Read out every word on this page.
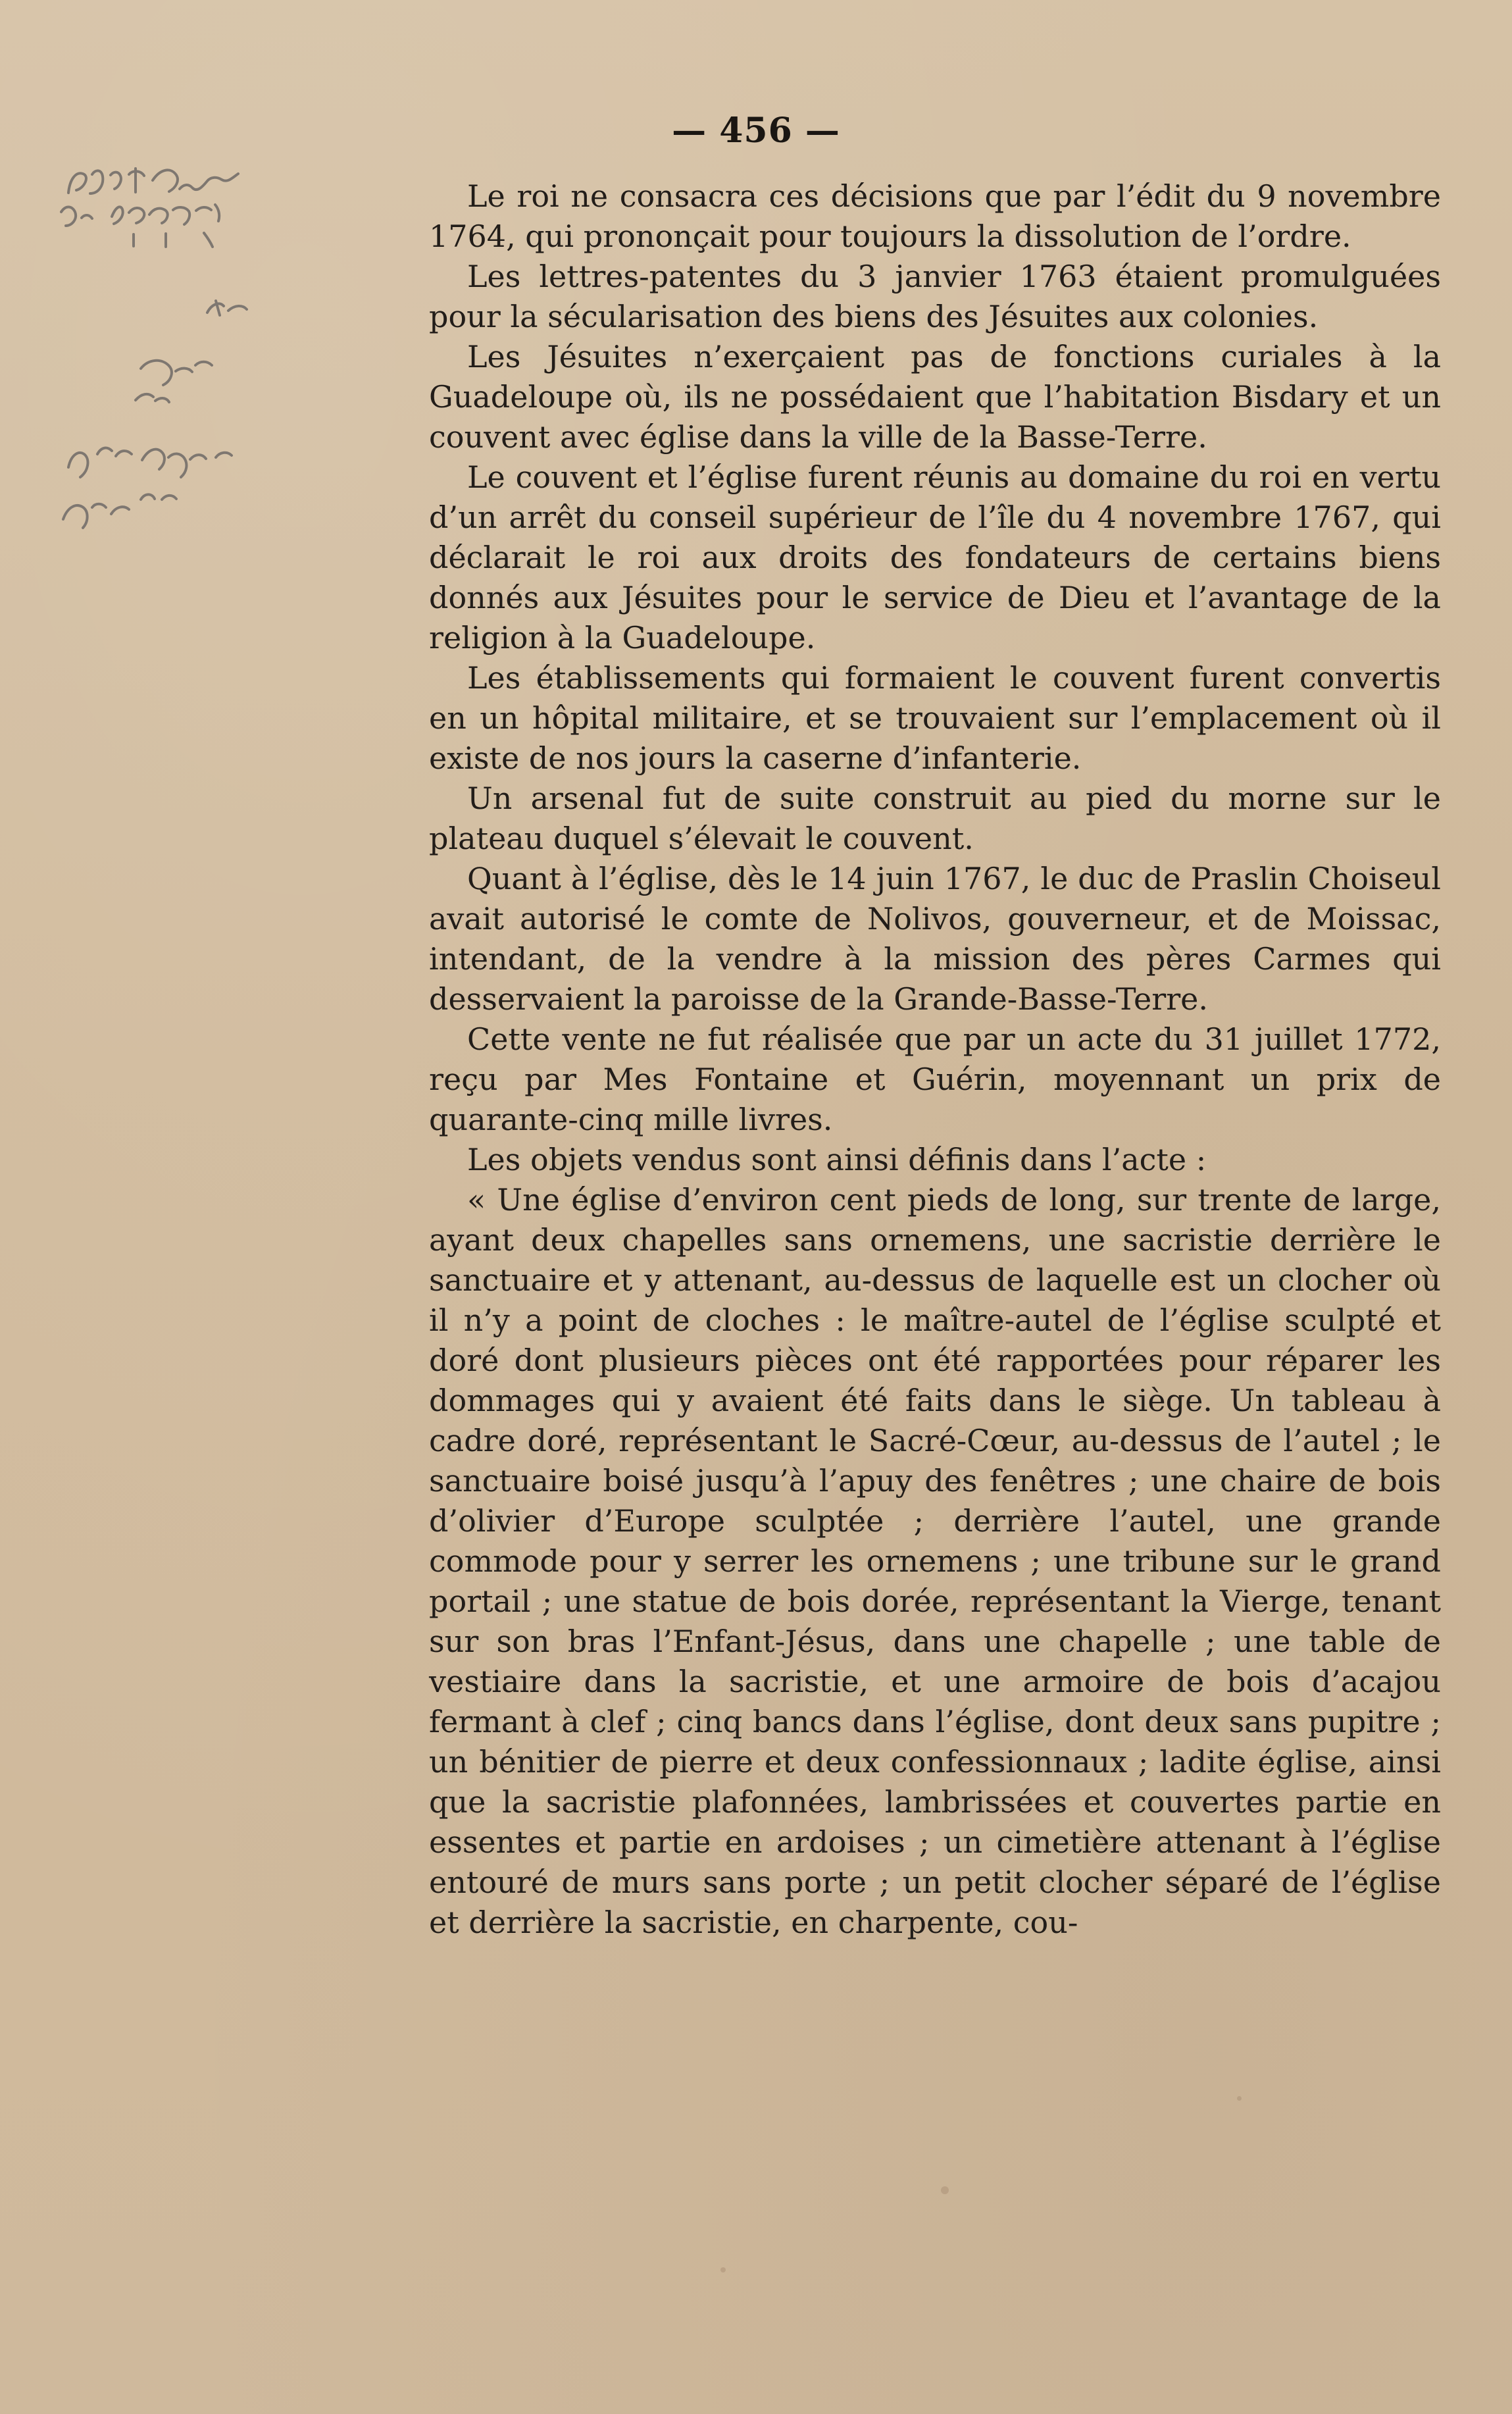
— 456 —

Le roi ne consacra ces décisions que par l’édit du 9 novembre 1764, qui prononçait pour toujours la dissolution de l’ordre.

Les lettres-patentes du 3 janvier 1763 étaient promulguées pour la sécularisation des biens des Jésuites aux colonies.

Les Jésuites n’exerçaient pas de fonctions curiales à la Guadeloupe où, ils ne possédaient que l’habitation Bisdary et un couvent avec église dans la ville de la Basse-Terre.

Le couvent et l’église furent réunis au domaine du roi en vertu d’un arrêt du conseil supérieur de l’île du 4 novembre 1767, qui déclarait le roi aux droits des fondateurs de certains biens donnés aux Jésuites pour le service de Dieu et l’avantage de la religion à la Guadeloupe.

Les établissements qui formaient le couvent furent convertis en un hôpital militaire, et se trouvaient sur l’emplacement où il existe de nos jours la caserne d’infanterie.

Un arsenal fut de suite construit au pied du morne sur le plateau duquel s’élevait le couvent.

Quant à l’église, dès le 14 juin 1767, le duc de Praslin Choiseul avait autorisé le comte de Nolivos, gouverneur, et de Moissac, intendant, de la vendre à la mission des pères Carmes qui desservaient la paroisse de la Grande-Basse-Terre.

Cette vente ne fut réalisée que par un acte du 31 juillet 1772, reçu par Mes Fontaine et Guérin, moyennant un prix de quarante-cinq mille livres.

Les objets vendus sont ainsi définis dans l’acte :

« Une église d’environ cent pieds de long, sur trente de large, ayant deux chapelles sans ornemens, une sacristie derrière le sanctuaire et y attenant, au-dessus de laquelle est un clocher où il n’y a point de cloches : le maître-autel de l’église sculpté et doré dont plusieurs pièces ont été rapportées pour réparer les dommages qui y avaient été faits dans le siège. Un tableau à cadre doré, représentant le Sacré-Cœur, au-dessus de l’autel ; le sanctuaire boisé jusqu’à l’apuy des fenêtres ; une chaire de bois d’olivier d’Europe sculptée ; derrière l’autel, une grande commode pour y serrer les ornemens ; une tribune sur le grand portail ; une statue de bois dorée, représentant la Vierge, tenant sur son bras l’Enfant-Jésus, dans une chapelle ; une table de vestiaire dans la sacristie, et une armoire de bois d’acajou fermant à clef ; cinq bancs dans l’église, dont deux sans pupitre ; un bénitier de pierre et deux confessionnaux ; ladite église, ainsi que la sacristie plafonnées, lambrissées et couvertes partie en essentes et partie en ardoises ; un cimetière attenant à l’église entouré de murs sans porte ; un petit clocher séparé de l’église et derrière la sacristie, en charpente, cou-
